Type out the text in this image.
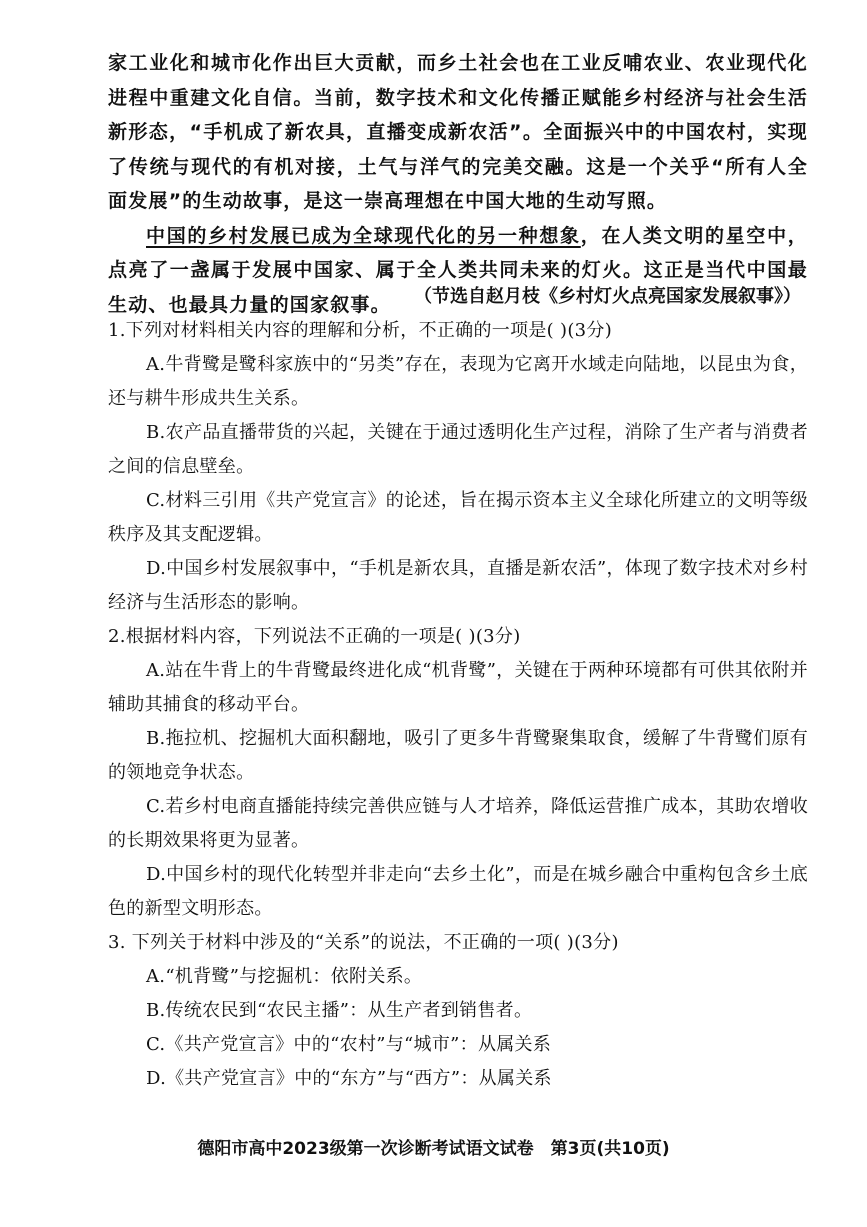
家工业化和城市化作出巨大贡献，而乡土社会也在工业反哺农业、农业现代化进程中重建文化自信。当前，数字技术和文化传播正赋能乡村经济与社会生活新形态，“手机成了新农具，直播变成新农活”。全面振兴中的中国农村，实现了传统与现代的有机对接，土气与洋气的完美交融。这是一个关乎“所有人全面发展”的生动故事，是这一崇高理想在中国大地的生动写照。

中国的乡村发展已成为全球现代化的另一种想象，在人类文明的星空中，点亮了一盏属于发展中国家、属于全人类共同未来的灯火。这正是当代中国最生动、也最具力量的国家叙事。	（节选自赵月枝《乡村灯火点亮国家发展叙事》）

1.下列对材料相关内容的理解和分析，不正确的一项是( )(3分)

A.牛背鹭是鹭科家族中的“另类”存在，表现为它离开水域走向陆地，以昆虫为食，还与耕牛形成共生关系。

B.农产品直播带货的兴起，关键在于通过透明化生产过程，消除了生产者与消费者之间的信息壁垒。

C.材料三引用《共产党宣言》的论述，旨在揭示资本主义全球化所建立的文明等级秩序及其支配逻辑。

D.中国乡村发展叙事中，“手机是新农具，直播是新农活”，体现了数字技术对乡村经济与生活形态的影响。

2.根据材料内容，下列说法不正确的一项是( )(3分)

A.站在牛背上的牛背鹭最终进化成“机背鹭”，关键在于两种环境都有可供其依附并辅助其捕食的移动平台。

B.拖拉机、挖掘机大面积翻地，吸引了更多牛背鹭聚集取食，缓解了牛背鹭们原有的领地竞争状态。

C.若乡村电商直播能持续完善供应链与人才培养，降低运营推广成本，其助农增收的长期效果将更为显著。

D.中国乡村的现代化转型并非走向“去乡土化”，而是在城乡融合中重构包含乡土底色的新型文明形态。

3. 下列关于材料中涉及的“关系”的说法，不正确的一项( )(3分)

A.“机背鹭”与挖掘机：依附关系。

B.传统农民到“农民主播”：从生产者到销售者。

C.《共产党宣言》中的“农村”与“城市”：从属关系

D.《共产党宣言》中的“东方”与“西方”：从属关系

德阳市高中2023级第一次诊断考试语文试卷　第3页(共10页)
